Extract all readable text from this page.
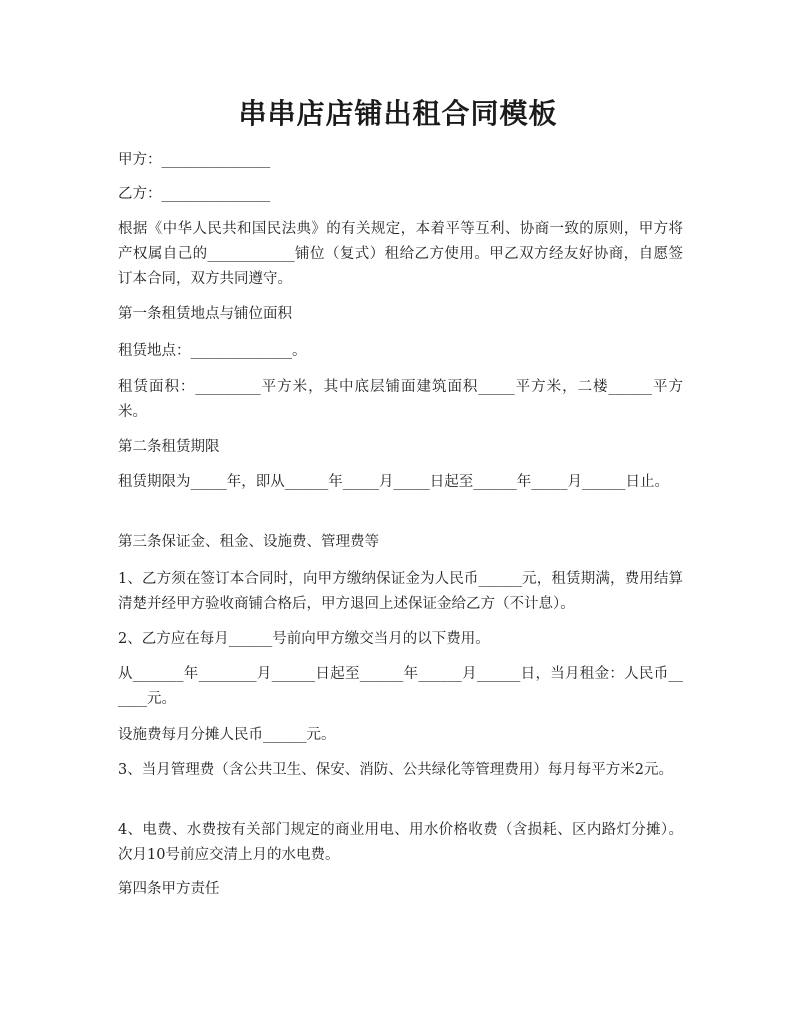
串串店店铺出租合同模板
甲方：_______________
乙方：_______________
根据《中华人民共和国民法典》的有关规定，本着平等互利、协商一致的原则，甲方将产权属自己的____________铺位（复式）租给乙方使用。甲乙双方经友好协商，自愿签订本合同，双方共同遵守。
第一条租赁地点与铺位面积
租赁地点：______________。
租赁面积：_________平方米，其中底层铺面建筑面积_____平方米，二楼______平方米。
第二条租赁期限
租赁期限为_____年，即从______年_____月_____日起至______年_____月______日止。
第三条保证金、租金、设施费、管理费等
1、乙方须在签订本合同时，向甲方缴纳保证金为人民币______元，租赁期满，费用结算清楚并经甲方验收商铺合格后，甲方退回上述保证金给乙方（不计息）。
2、乙方应在每月______号前向甲方缴交当月的以下费用。
从_______年________月______日起至______年______月______日，当月租金：人民币______元。
设施费每月分摊人民币______元。
3、当月管理费（含公共卫生、保安、消防、公共绿化等管理费用）每月每平方米2元。
4、电费、水费按有关部门规定的商业用电、用水价格收费（含损耗、区内路灯分摊）。次月10号前应交清上月的水电费。
第四条甲方责任
